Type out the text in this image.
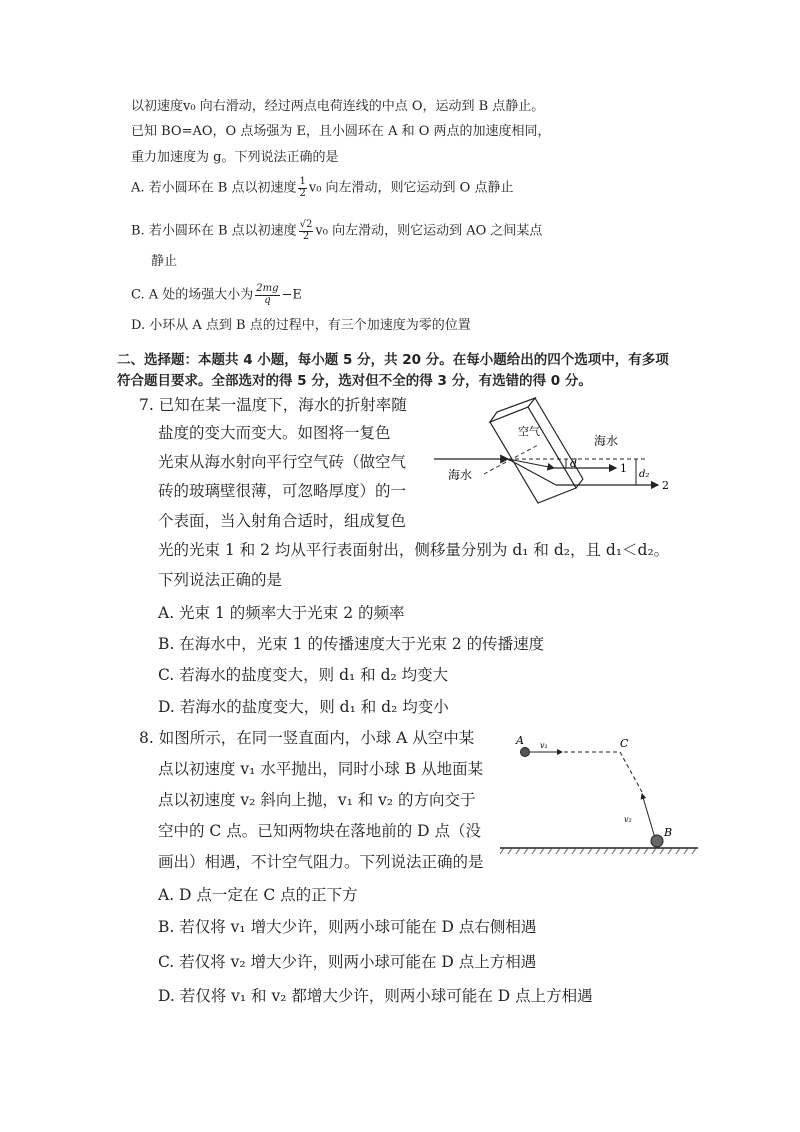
以初速度v₀ 向右滑动，经过两点电荷连线的中点 O，运动到 B 点静止。
已知 BO=AO，O 点场强为 E，且小圆环在 A 和 O 两点的加速度相同，
重力加速度为 g。下列说法正确的是
A. 若小圆环在 B 点以初速度 $\frac{1}{2} v_0$ 向左滑动，则它运动到 O 点静止
B. 若小圆环在 B 点以初速度 $\frac{√2}{2} v_0$ 向左滑动，则它运动到 AO 之间某点
静止
C. A 处的场强大小为 $\frac{2mg}{q} -E$
D. 小环从 A 点到 B 点的过程中，有三个加速度为零的位置
二、选择题：本题共 4 小题，每小题 5 分，共 20 分。在每小题给出的四个选项中，有多项
符合题目要求。全部选对的得 5 分，选对但不全的得 3 分，有选错的得 0 分。
7. 已知在某一温度下，海水的折射率随
盐度的变大而变大。如图将一复色
光束从海水射向平行空气砖（做空气
砖的玻璃壁很薄，可忽略厚度）的一
个表面，当入射角合适时，组成复色
光的光束 1 和 2 均从平行表面射出，侧移量分别为 d₁ 和 d₂，且 d₁＜d₂。
下列说法正确的是
A. 光束 1 的频率大于光束 2 的频率
B. 在海水中，光束 1 的传播速度大于光束 2 的传播速度
C. 若海水的盐度变大，则 d₁ 和 d₂ 均变大
D. 若海水的盐度变大，则 d₁ 和 d₂ 均变小
空气
海水
海水
d
d₂
1
2
8. 如图所示，在同一竖直面内，小球 A 从空中某
点以初速度 v₁ 水平抛出，同时小球 B 从地面某
点以初速度 v₂ 斜向上抛，v₁ 和 v₂ 的方向交于
空中的 C 点。已知两物块在落地前的 D 点（没
画出）相遇，不计空气阻力。下列说法正确的是
A. D 点一定在 C 点的正下方
B. 若仅将 v₁ 增大少许，则两小球可能在 D 点右侧相遇
C. 若仅将 v₂ 增大少许，则两小球可能在 D 点上方相遇
D. 若仅将 v₁ 和 v₂ 都增大少许，则两小球可能在 D 点上方相遇
A v₁	C
v₂
B
